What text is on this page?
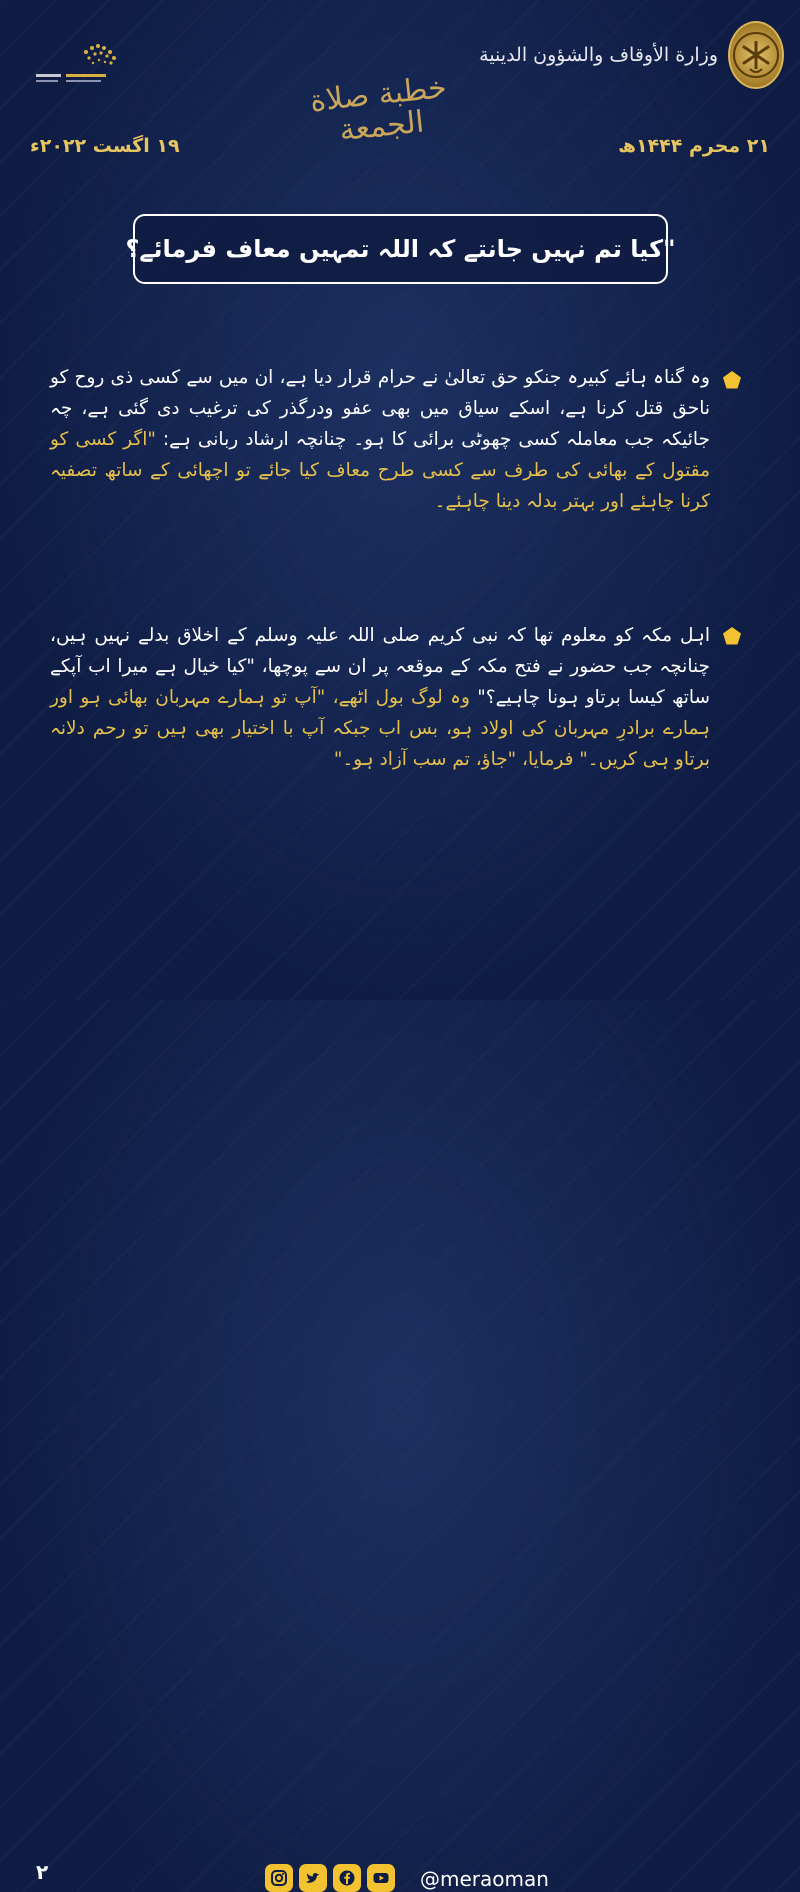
وزارة الأوقاف والشؤون الدينية
خطبة صلاة الجمعة
۱۹ اگست ۲۰۲۲ء	۲۱ محرم ۱۴۴۴ھ
"کیا تم نہیں جانتے کہ اللہ تمہیں معاف فرمائے؟
وہ گناہ ہائے کبیرہ جنکو حق تعالیٰ نے حرام قرار دیا ہے، ان میں سے کسی ذی روح کو ناحق قتل کرنا ہے، اسکے سیاق میں بھی عفو ودرگذر کی ترغیب دی گئی ہے، چہ جائیکہ جب معاملہ کسی چھوٹی برائی کا ہو۔ چنانچہ ارشاد ربانی ہے: "اگر کسی کو مقتول کے بھائی کی طرف سے کسی طرح معاف کیا جائے تو اچھائی کے ساتھ تصفیہ کرنا چاہئے اور بہتر بدلہ دینا چاہئے۔
اہل مکہ کو معلوم تھا کہ نبی کریم صلی اللہ علیہ وسلم کے اخلاق بدلے نہیں ہیں، چنانچہ جب حضور نے فتح مکہ کے موقعہ پر ان سے پوچھا، "کیا خیال ہے میرا اب آپکے ساتھ کیسا برتاو ہونا چاہیے؟" وہ لوگ بول اٹھے، "آپ تو ہمارے مہربان بھائی ہو اور ہمارے برادرِ مہربان کی اولاد ہو، بس اب جبکہ آپ با اختیار بھی ہیں تو رحم دلانہ برتاو ہی کریں۔" فرمایا، "جاؤ، تم سب آزاد ہو۔"
۲	@meraoman
